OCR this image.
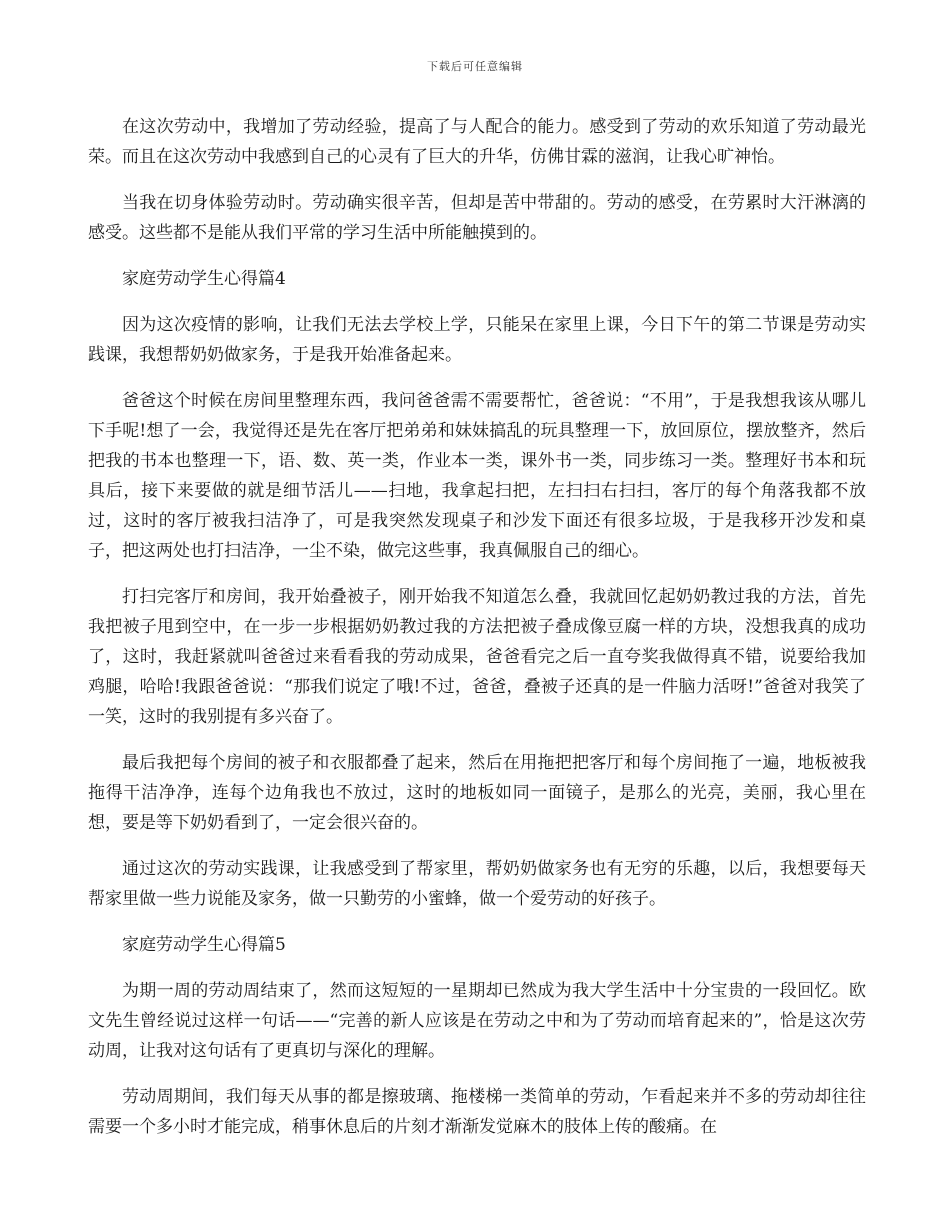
下载后可任意编辑

在这次劳动中，我增加了劳动经验，提高了与人配合的能力。感受到了劳动的欢乐知道了劳动最光荣。而且在这次劳动中我感到自己的心灵有了巨大的升华，仿佛甘霖的滋润，让我心旷神怡。

当我在切身体验劳动时。劳动确实很辛苦，但却是苦中带甜的。劳动的感受，在劳累时大汗淋漓的感受。这些都不是能从我们平常的学习生活中所能触摸到的。

家庭劳动学生心得篇4

因为这次疫情的影响，让我们无法去学校上学，只能呆在家里上课，今日下午的第二节课是劳动实践课，我想帮奶奶做家务，于是我开始准备起来。

爸爸这个时候在房间里整理东西，我问爸爸需不需要帮忙，爸爸说：“不用”，于是我想我该从哪儿下手呢!想了一会，我觉得还是先在客厅把弟弟和妹妹搞乱的玩具整理一下，放回原位，摆放整齐，然后把我的书本也整理一下，语、数、英一类，作业本一类，课外书一类，同步练习一类。整理好书本和玩具后，接下来要做的就是细节活儿——扫地，我拿起扫把，左扫扫右扫扫，客厅的每个角落我都不放过，这时的客厅被我扫洁净了，可是我突然发现桌子和沙发下面还有很多垃圾，于是我移开沙发和桌子，把这两处也打扫洁净，一尘不染，做完这些事，我真佩服自己的细心。

打扫完客厅和房间，我开始叠被子，刚开始我不知道怎么叠，我就回忆起奶奶教过我的方法，首先我把被子甩到空中，在一步一步根据奶奶教过我的方法把被子叠成像豆腐一样的方块，没想我真的成功了，这时，我赶紧就叫爸爸过来看看我的劳动成果，爸爸看完之后一直夸奖我做得真不错，说要给我加鸡腿，哈哈!我跟爸爸说：“那我们说定了哦!不过，爸爸，叠被子还真的是一件脑力活呀!”爸爸对我笑了一笑，这时的我别提有多兴奋了。

最后我把每个房间的被子和衣服都叠了起来，然后在用拖把把客厅和每个房间拖了一遍，地板被我拖得干洁净净，连每个边角我也不放过，这时的地板如同一面镜子，是那么的光亮，美丽，我心里在想，要是等下奶奶看到了，一定会很兴奋的。

通过这次的劳动实践课，让我感受到了帮家里，帮奶奶做家务也有无穷的乐趣，以后，我想要每天帮家里做一些力说能及家务，做一只勤劳的小蜜蜂，做一个爱劳动的好孩子。

家庭劳动学生心得篇5

为期一周的劳动周结束了，然而这短短的一星期却已然成为我大学生活中十分宝贵的一段回忆。欧文先生曾经说过这样一句话——“完善的新人应该是在劳动之中和为了劳动而培育起来的”，恰是这次劳动周，让我对这句话有了更真切与深化的理解。

劳动周期间，我们每天从事的都是擦玻璃、拖楼梯一类简单的劳动，乍看起来并不多的劳动却往往需要一个多小时才能完成，稍事休息后的片刻才渐渐发觉麻木的肢体上传的酸痛。在
